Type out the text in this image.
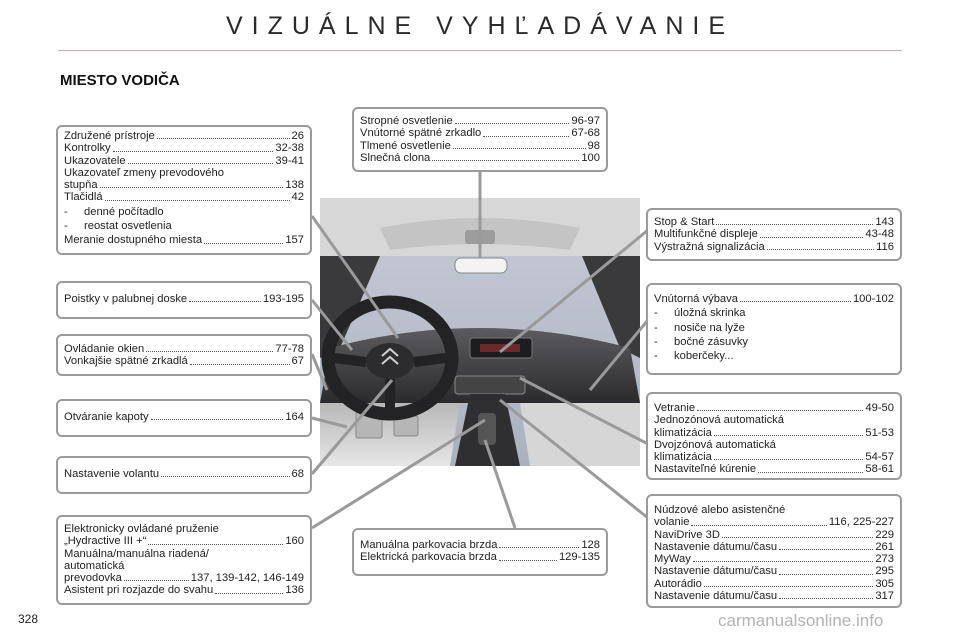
VIZUÁLNE VYHĽADÁVANIE
MIESTO VODIČA
Združené prístroje	26
Kontrolky	32-38
Ukazovatele	39-41
Ukazovateľ zmeny prevodového
stupňa	138
Tlačidlá	42
-	denné počítadlo
-	reostat osvetlenia
Meranie dostupného miesta	157
Poistky v palubnej doske	193-195
Ovládanie okien	77-78
Vonkajšie spätné zrkadlá	67
Otváranie kapoty	164
Nastavenie volantu	68
Elektronicky ovládané pruženie
„Hydractive III +“	160
Manuálna/manuálna riadená/
automatická
prevodovka	137, 139-142, 146-149
Asistent pri rozjazde do svahu	136
Stropné osvetlenie	96-97
Vnútorné spätné zrkadlo	67-68
Tlmené osvetlenie	98
Slnečná clona	100
Manuálna parkovacia brzda	128
Elektrická parkovacia brzda	129-135
Stop & Start	143
Multifunkčné displeje	43-48
Výstražná signalizácia	116
Vnútorná výbava	100-102
-	úložná skrinka
-	nosiče na lyže
-	bočné zásuvky
-	koberčeky...
Vetranie	49-50
Jednozónová automatická
klimatizácia	51-53
Dvojzónová automatická
klimatizácia	54-57
Nastaviteľné kúrenie	58-61
Núdzové alebo asistenčné
volanie	116, 225-227
NaviDrive 3D	229
Nastavenie dátumu/času	261
MyWay	273
Nastavenie dátumu/času	295
Autorádio	305
Nastavenie dátumu/času	317
328	carmanualsonline.info
